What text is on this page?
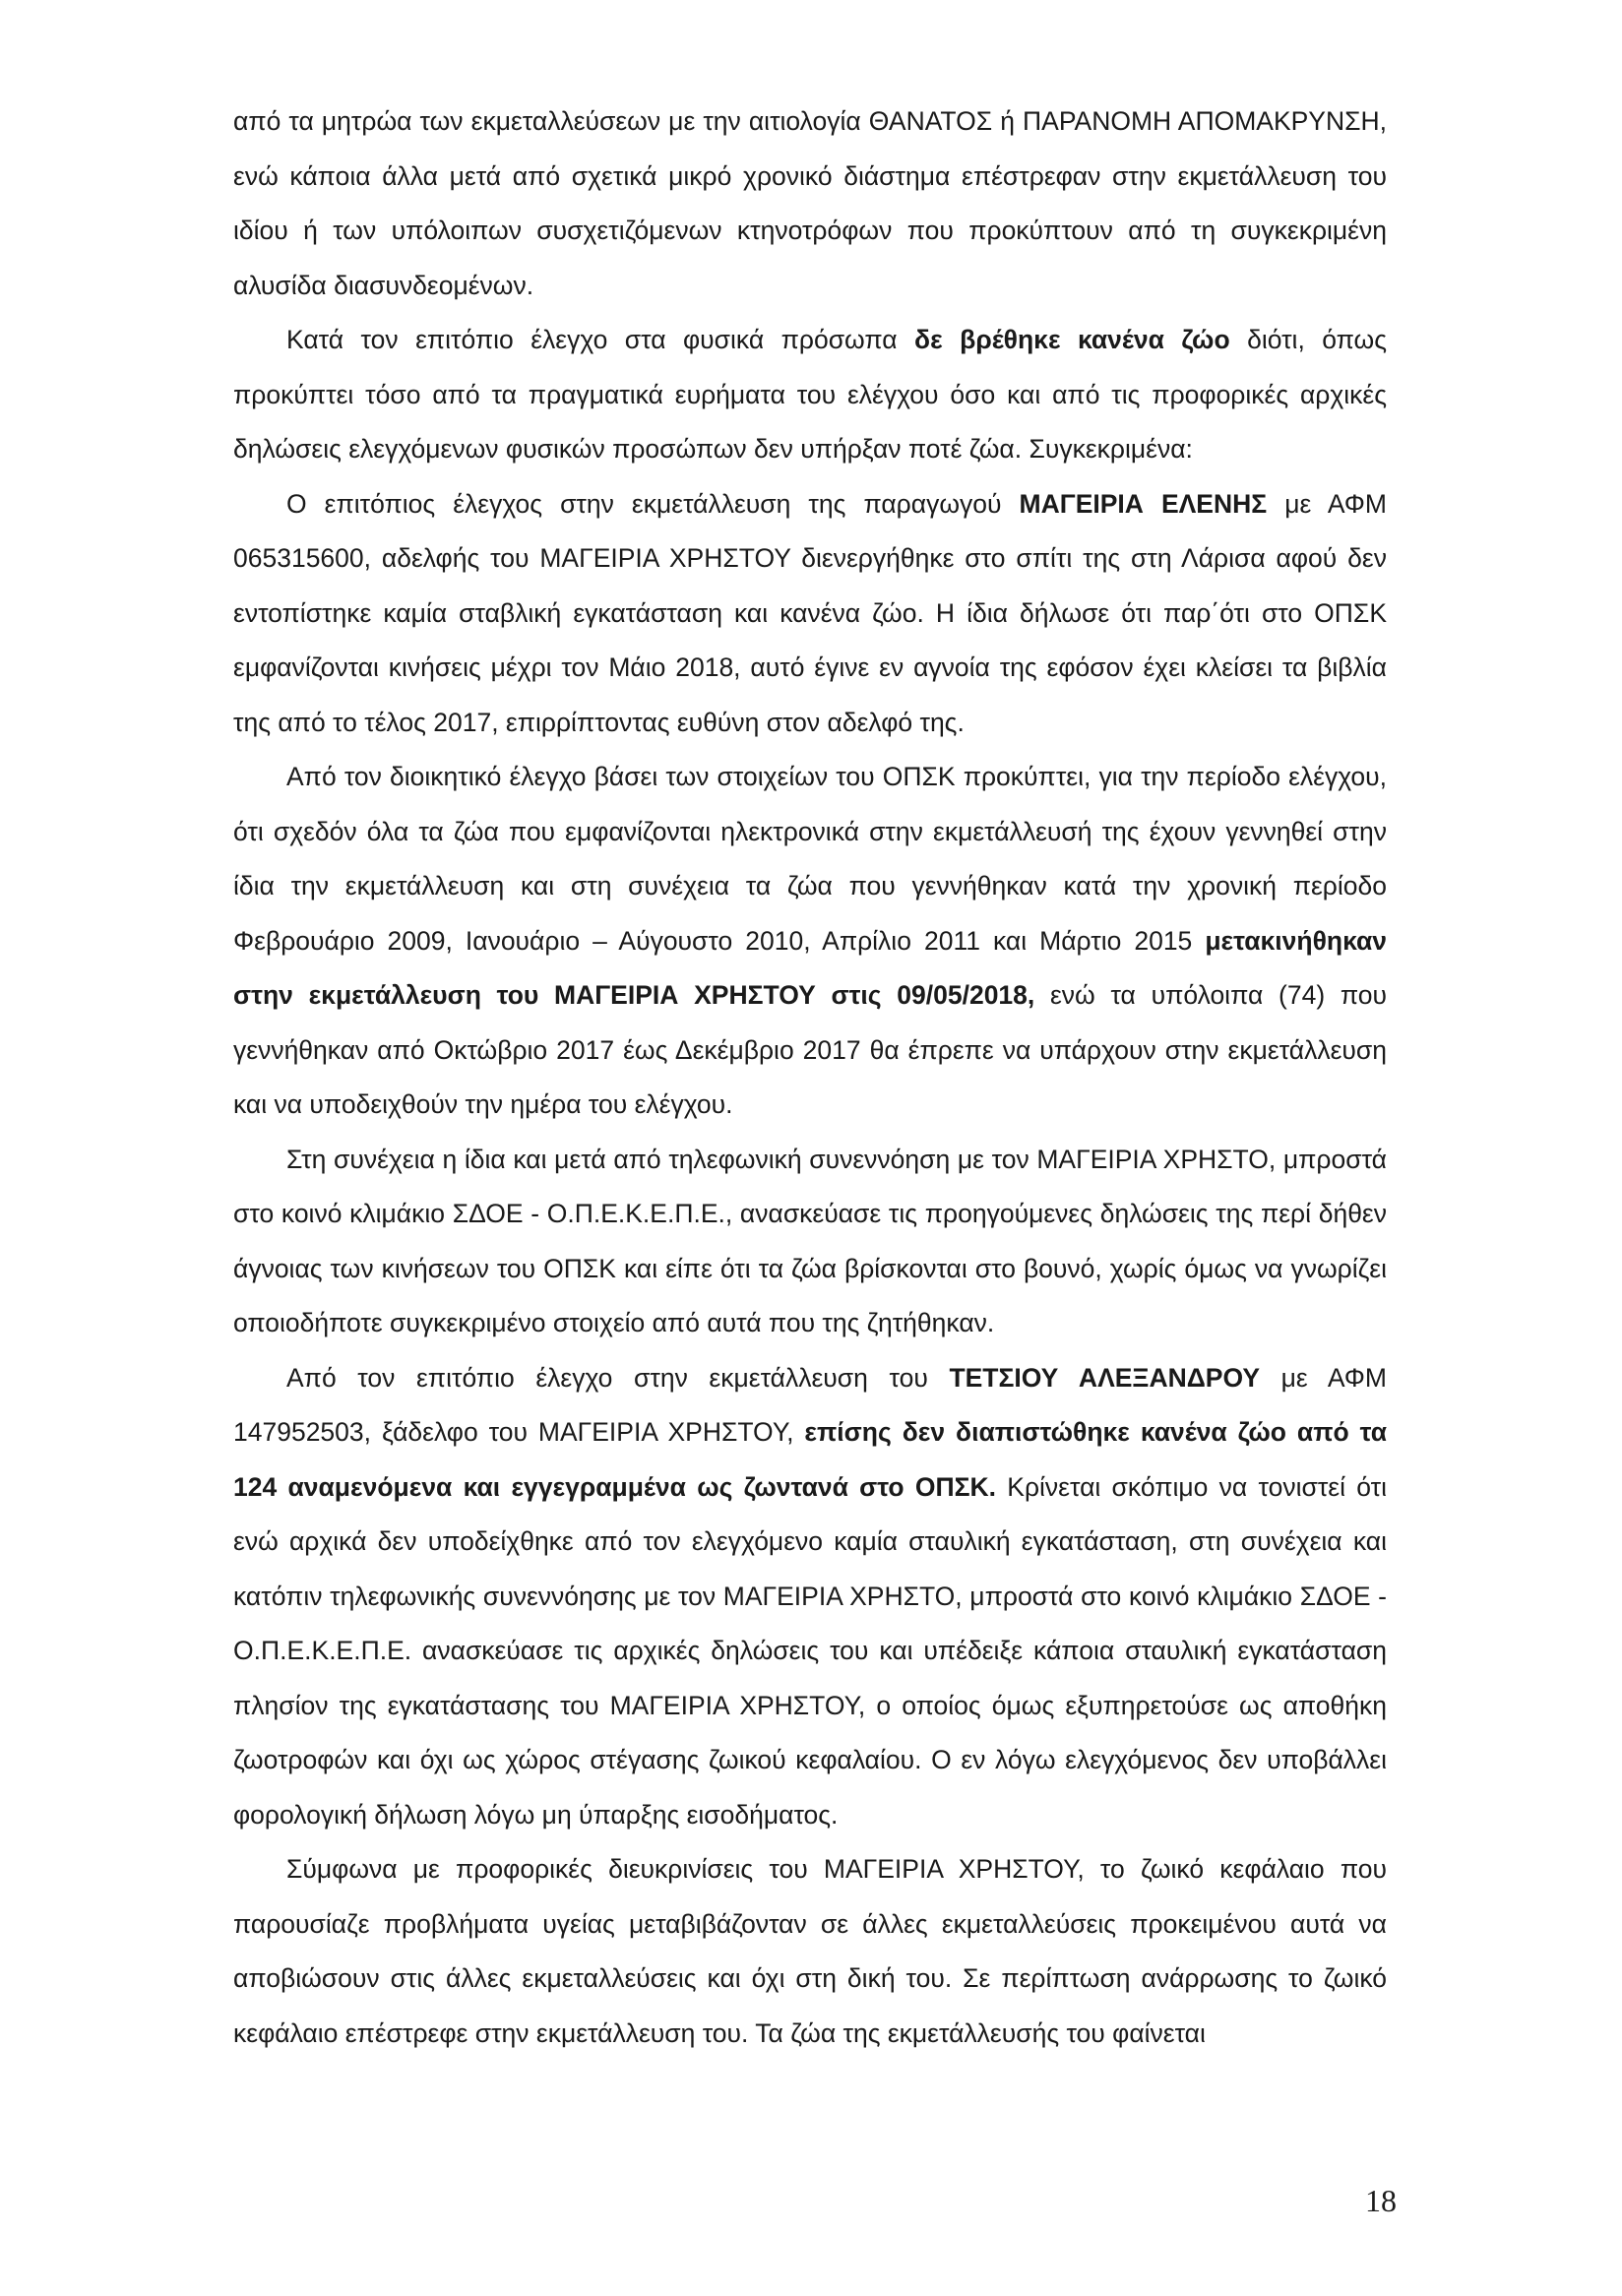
από τα μητρώα των εκμεταλλεύσεων με την αιτιολογία ΘΑΝΑΤΟΣ ή ΠΑΡΑΝΟΜΗ ΑΠΟΜΑΚΡΥΝΣΗ, ενώ κάποια άλλα μετά από σχετικά μικρό χρονικό διάστημα επέστρεφαν στην εκμετάλλευση του ιδίου ή των υπόλοιπων συσχετιζόμενων κτηνοτρόφων που προκύπτουν από τη συγκεκριμένη αλυσίδα διασυνδεομένων.

Κατά τον επιτόπιο έλεγχο στα φυσικά πρόσωπα δε βρέθηκε κανένα ζώο διότι, όπως προκύπτει τόσο από τα πραγματικά ευρήματα του ελέγχου όσο και από τις προφορικές αρχικές δηλώσεις ελεγχόμενων φυσικών προσώπων δεν υπήρξαν ποτέ ζώα. Συγκεκριμένα:

Ο επιτόπιος έλεγχος στην εκμετάλλευση της παραγωγού ΜΑΓΕΙΡΙΑ ΕΛΕΝΗΣ με ΑΦΜ 065315600, αδελφής του ΜΑΓΕΙΡΙΑ ΧΡΗΣΤΟΥ διενεργήθηκε στο σπίτι της στη Λάρισα αφού δεν εντοπίστηκε καμία σταβλική εγκατάσταση και κανένα ζώο. Η ίδια δήλωσε ότι παρ΄ότι στο ΟΠΣΚ εμφανίζονται κινήσεις μέχρι τον Μάιο 2018, αυτό έγινε εν αγνοία της εφόσον έχει κλείσει τα βιβλία της από το τέλος 2017, επιρρίπτοντας ευθύνη στον αδελφό της.

Από τον διοικητικό έλεγχο βάσει των στοιχείων του ΟΠΣΚ προκύπτει, για την περίοδο ελέγχου, ότι σχεδόν όλα τα ζώα που εμφανίζονται ηλεκτρονικά στην εκμετάλλευσή της έχουν γεννηθεί στην ίδια την εκμετάλλευση και στη συνέχεια τα ζώα που γεννήθηκαν κατά την χρονική περίοδο Φεβρουάριο 2009, Ιανουάριο – Αύγουστο 2010, Απρίλιο 2011 και Μάρτιο 2015 μετακινήθηκαν στην εκμετάλλευση του ΜΑΓΕΙΡΙΑ ΧΡΗΣΤΟΥ στις 09/05/2018, ενώ τα υπόλοιπα (74) που γεννήθηκαν από Οκτώβριο 2017 έως Δεκέμβριο 2017 θα έπρεπε να υπάρχουν στην εκμετάλλευση και να υποδειχθούν την ημέρα του ελέγχου.

Στη συνέχεια η ίδια και μετά από τηλεφωνική συνεννόηση με τον ΜΑΓΕΙΡΙΑ ΧΡΗΣΤΟ, μπροστά στο κοινό κλιμάκιο ΣΔΟΕ - Ο.Π.Ε.Κ.Ε.Π.Ε., ανασκεύασε τις προηγούμενες δηλώσεις της περί δήθεν άγνοιας των κινήσεων του ΟΠΣΚ και είπε ότι τα ζώα βρίσκονται στο βουνό, χωρίς όμως να γνωρίζει οποιοδήποτε συγκεκριμένο στοιχείο από αυτά που της ζητήθηκαν.

Από τον επιτόπιο έλεγχο στην εκμετάλλευση του ΤΕΤΣΙΟΥ ΑΛΕΞΑΝΔΡΟΥ με ΑΦΜ 147952503, ξάδελφο του ΜΑΓΕΙΡΙΑ ΧΡΗΣΤΟΥ, επίσης δεν διαπιστώθηκε κανένα ζώο από τα 124 αναμενόμενα και εγγεγραμμένα ως ζωντανά στο ΟΠΣΚ. Κρίνεται σκόπιμο να τονιστεί ότι ενώ αρχικά δεν υποδείχθηκε από τον ελεγχόμενο καμία σταυλική εγκατάσταση, στη συνέχεια και κατόπιν τηλεφωνικής συνεννόησης με τον ΜΑΓΕΙΡΙΑ ΧΡΗΣΤΟ, μπροστά στο κοινό κλιμάκιο ΣΔΟΕ - Ο.Π.Ε.Κ.Ε.Π.Ε. ανασκεύασε τις αρχικές δηλώσεις του και υπέδειξε κάποια σταυλική εγκατάσταση πλησίον της εγκατάστασης του ΜΑΓΕΙΡΙΑ ΧΡΗΣΤΟΥ, ο οποίος όμως εξυπηρετούσε ως αποθήκη ζωοτροφών και όχι ως χώρος στέγασης ζωικού κεφαλαίου. Ο εν λόγω ελεγχόμενος δεν υποβάλλει φορολογική δήλωση λόγω μη ύπαρξης εισοδήματος.

Σύμφωνα με προφορικές διευκρινίσεις του ΜΑΓΕΙΡΙΑ ΧΡΗΣΤΟΥ, το ζωικό κεφάλαιο που παρουσίαζε προβλήματα υγείας μεταβιβάζονταν σε άλλες εκμεταλλεύσεις προκειμένου αυτά να αποβιώσουν στις άλλες εκμεταλλεύσεις και όχι στη δική του. Σε περίπτωση ανάρρωσης το ζωικό κεφάλαιο επέστρεφε στην εκμετάλλευση του. Τα ζώα της εκμετάλλευσής του φαίνεται

18
